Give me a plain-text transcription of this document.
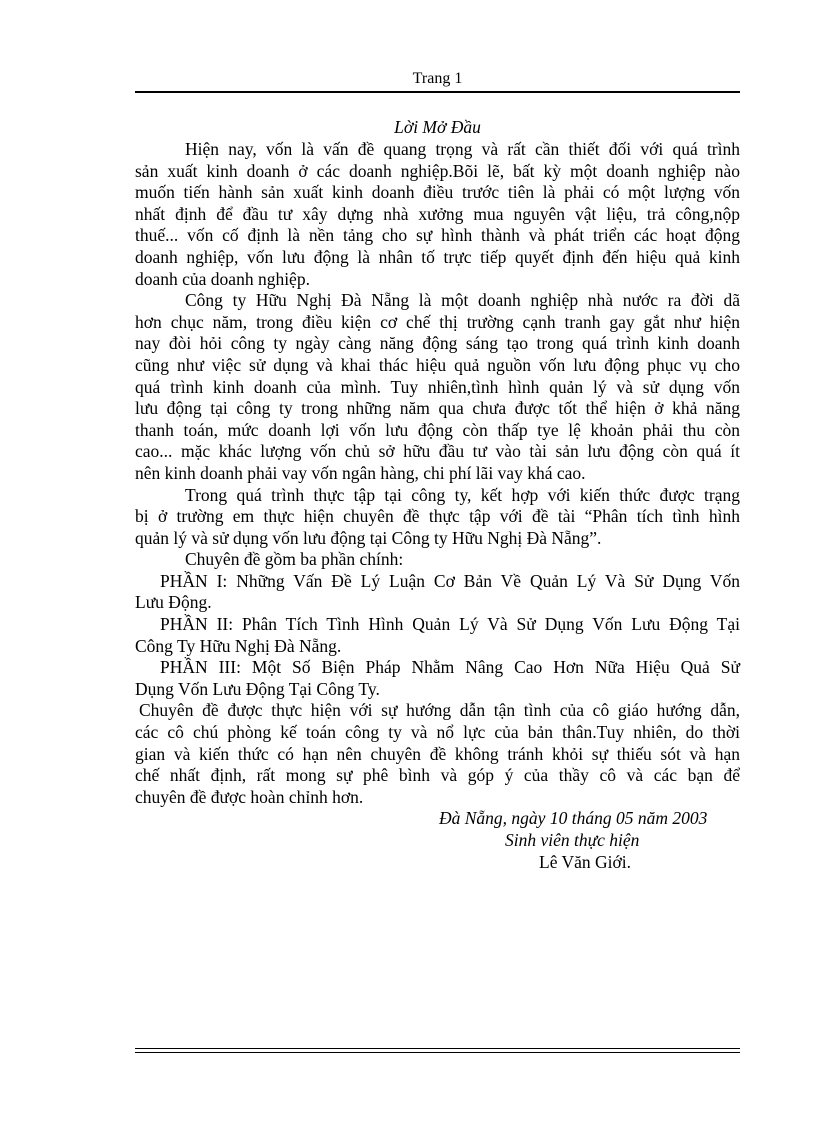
Trang 1
Lời Mở Đầu
Hiện nay, vốn là vấn đề quang trọng và rất cần thiết đối với quá trình
sản xuất kinh doanh ở các doanh nghiệp.Bõi lẽ, bất kỳ một doanh nghiệp nào
muốn tiến hành sản xuất kinh doanh điều trước tiên là phải có một lượng vốn
nhất định để đầu tư xây dựng nhà xưởng mua nguyên vật liệu, trả công,nộp
thuế... vốn cố định là nền tảng cho sự hình thành và phát triển các hoạt động
doanh nghiệp, vốn lưu động là nhân tố trực tiếp quyết định đến hiệu quả kinh
doanh của doanh nghiệp.
Công ty Hữu Nghị Đà Nẵng là một doanh nghiệp nhà nước ra đời dã
hơn chục năm, trong điều kiện cơ chế thị trường cạnh tranh gay gắt như hiện
nay đòi hỏi công ty ngày càng năng động sáng tạo trong quá trình kinh doanh
cũng như việc sử dụng và khai thác hiệu quả nguồn vốn lưu động phục vụ cho
quá trình kinh doanh của mình. Tuy nhiên,tình hình quản lý và sử dụng vốn
lưu động tại công ty trong những năm qua chưa được tốt thể hiện ở khả năng
thanh toán, mức doanh lợi vốn lưu động còn thấp tye lệ khoản phải thu còn
cao... mặc khác lượng vốn chủ sở hữu đầu tư vào tài sản lưu động còn quá ít
nên kinh doanh phải vay vốn ngân hàng, chi phí lãi vay khá cao.
Trong quá trình thực tập tại công ty, kết hợp với kiến thức được trạng
bị ở trường em thực hiện chuyên đề thực tập với đề tài “Phân tích tình hình
quản lý và sử dụng vốn lưu động tại Công ty Hữu Nghị Đà Nẵng”.
Chuyên đề gồm ba phần chính:
PHẦN I: Những Vấn Đề Lý Luận Cơ Bản Về Quản Lý Và Sử Dụng Vốn
Lưu Động.
PHẦN II: Phân Tích Tình Hình Quản Lý Và Sử Dụng Vốn Lưu Động Tại
Công Ty Hữu Nghị Đà Nẵng.
PHẦN III: Một Số Biện Pháp Nhằm Nâng Cao Hơn Nữa Hiệu Quả Sử
Dụng Vốn Lưu Động Tại Công Ty.
Chuyên đề được thực hiện với sự hướng dẫn tận tình của cô giáo hướng dẫn,
các cô chú phòng kế toán công ty và nổ lực của bản thân.Tuy nhiên, do thời
gian và kiến thức có hạn nên chuyên đề không tránh khỏi sự thiếu sót và hạn
chế nhất định, rất mong sự phê bình và góp ý của thầy cô và các bạn để
chuyên đề được hoàn chỉnh hơn.
Đà Nẵng, ngày 10 tháng 05 năm 2003
Sinh viên thực hiện
Lê Văn Giới.
